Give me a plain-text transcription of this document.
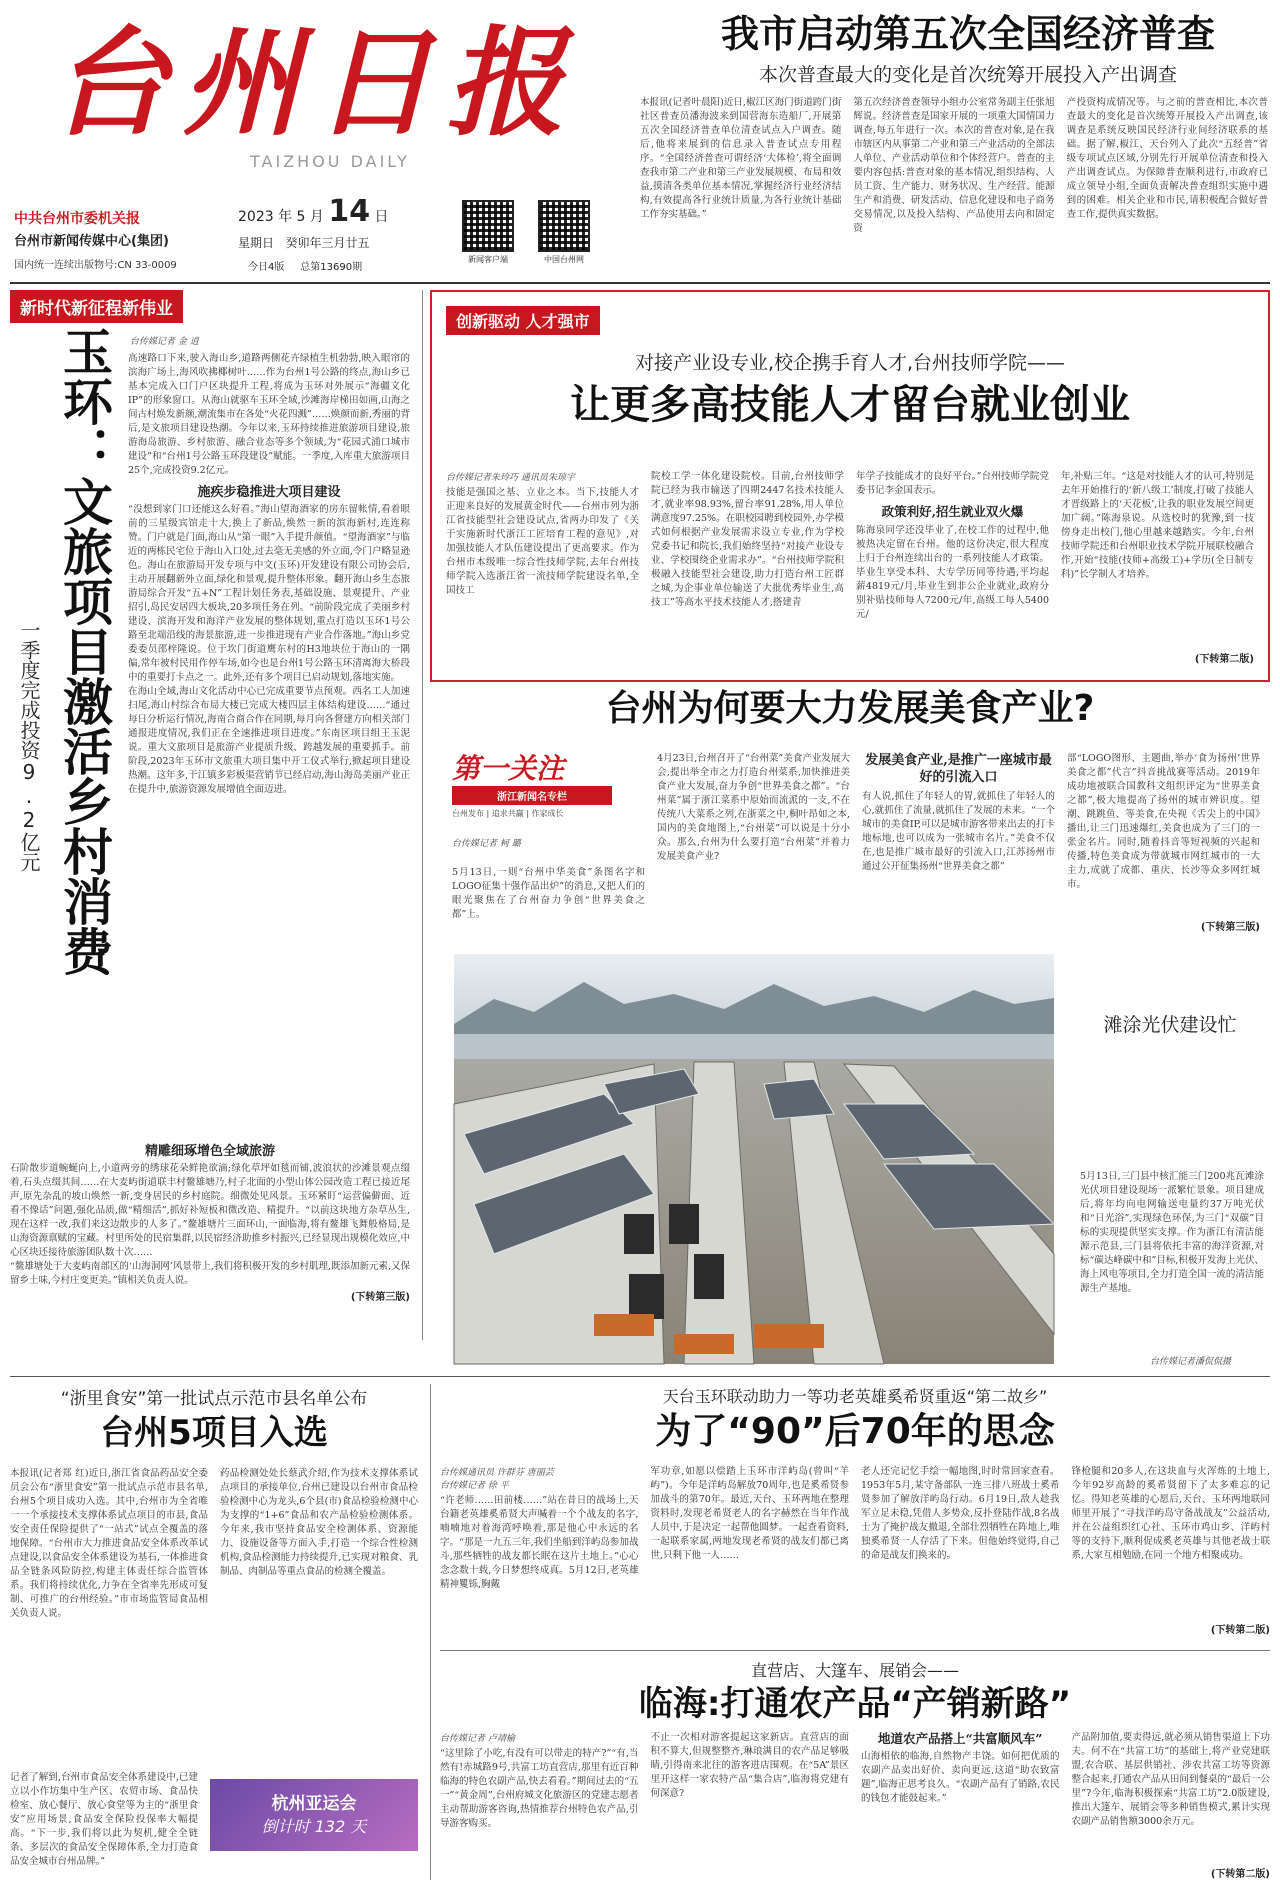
台州日报
TAIZHOU DAILY
中共台州市委机关报
台州市新闻传媒中心(集团)
国内统一连续出版物号:CN 33-0009
2023 年 5 月 14 日
星期日 癸卯年三月廿五
今日4版 总第13690期
新闻客户端	中国台州网
我市启动第五次全国经济普查
本次普查最大的变化是首次统筹开展投入产出调查
本报讯(记者叶晨阳)近日,椒江区海门街道跨门街社区普查员潘海波来到国营海东造船厂,开展第五次全国经济普查单位清查试点入户调查。随后,他将来展到的信息录入普查试点专用程序。“全国经济普查可谓经济‘大体检’,将全面调查我市第二产业和第三产业发展规模、布局和效益,摸清各类单位基本情况,掌握经济行业经济结构,有效提高各行业统计质量,为各行业统计基础工作夯实基础。”
第五次经济普查领导小组办公室常务副主任张旭辉说。经济普查是国家开展的一项重大国情国力调查,每五年进行一次。本次的普查对象,是在我市辖区内从事第二产业和第三产业活动的全部法人单位、产业活动单位和个体经营户。普查的主要内容包括:普查对象的基本情况,组织结构、人员工资、生产能力、财务状况、生产经营、能源生产和消费、研发活动、信息化建设和电子商务交易情况,以及投入结构、产品使用去向和固定资
产投资构成情况等。与之前的普查相比,本次普查最大的变化是首次统筹开展投入产出调查,该调查是系统反映国民经济行业间经济联系的基础。据了解,椒江、天台列入了此次“五经普”省级专项试点区域,分别先行开展单位清查和投入产出调查试点。为保障普查顺利进行,市政府已成立领导小组,全面负责解决普查组织实施中遇到的困难。相关企业和市民,请积极配合做好普查工作,提供真实数据。
新时代新征程新伟业
台传媒记者 金 逍
玉环：文旅项目激活乡村消费
一季度完成投资9.2亿元
高速路口下来,驶入海山乡,道路两侧花卉绿植生机勃勃,映入眼帘的滨海广场上,海风吹拂椰树叶……作为台州1号公路的终点,海山乡已基本完成入口门户区块提升工程,将成为玉环对外展示“海疆文化IP”的形象窗口。从海山就驱车玉环全域,沙滩海岸梯田如画,山海之间古村焕发新颜,潮流集市在各处“火花四溅”……焕颜而新,秀丽的背后,是文旅项目建设热潮。今年以来,玉环持续推进旅游项目建设,旅游海岛旅游、乡村旅游、融合业态等多个领域,为“花园式浦口城市建设”和“台州1号公路玉环段建设”赋能。一季度,入库重大旅游项目25个,完成投资9.2亿元。
施疾步稳推进大项目建设
“没想到家门口还能这么好看。”海山望海酒家的房东留帐情,看着眼前的三星级宾馆走十大,换上了新品,焕然一新的滨海新村,连连称赞。门户就是门面,海山从“第一眼”入手提升颜值。“望海酒家”与临近的两栋民宅位于海山入口处,过去毫无美感的外立面,令门户略显逊色。海山在旅游局开发专项与中文(玉环)开发建设有限公司协会后,主动开展翻新外立面,绿化和景观,提升整体形象。翻开海山乡生态旅游局综合开发“五+N”工程计划任务表,基础设施、景观提升、产业招引,岛民安居四大板块,20多项任务在列。“前阶段完成了美丽乡村建设、滨海开发和海洋产业发展的整体规划,重点打造以玉环1号公路至北端沿线的海景旅游,进一步推进现有产业合作落地。”海山乡党委委员邵梓隆说。位于坎门街道鹰东村的H3地块位于海山的一隅偏,常年被村民用作停车场,如今也是台州1号公路玉环清离海大桥段中的重要打卡点之一。此外,还有多个项目已启动规划,落地实施。
在海山全域,海山文化活动中心已完成重要节点预观。西名工人加速扫尾,海山村综合布局大楼已完成大楼四层主体结构建设……“通过每日分析运行情况,海南合商合作在同期,每月向各督建方向相关部门通报进度情况,我们正在全速推进项目进度。”东南区项目组王玉泥说。重大文旅项目是旅游产业提质升级、跨越发展的重要抓手。前阶段,2023年玉环市文旅重大项目集中开工仪式举行,掀起项目建设热潮。这年多,干江镇多彩板渠营销节已经启动,海山海岛美丽产业正在提升中,旅游资源发展增值全面迈进。
精雕细琢增色全域旅游
石阶散步道蜿蜒向上,小道两旁的绣球花朵鲜艳欲滴;绿化草坪如毯而铺,波浪状的沙滩景观点缀着,石头点缀其间……在大麦屿街道联丰村鳌雄塘乃,村子北面的小型山体公园改造工程已接近尾声,原先杂乱的坡山焕然一新,变身居民的乡村庭院。细微处见风景。玉环紧盯“运营偏僻面、近看不像话”问题,强化品质,做“精细活”,抓好补短板和微改造、精提升。“以前这块地方杂草丛生,现在这样一改,我们来这边散步的人多了。”鳌雄塘片三面环山,一面临海,将有鳌雄飞舞般格局,是山海资源禀赋的宝藏。村里所处的民宿集群,以民宿经济助推乡村振兴,已经显现出规模化效应,中心区块还接待旅游团队数十次……
“鳌雄塘处于大麦屿南部区的‘山海洞网’风景带上,我们将积极开发的乡村肌理,既添加新元素,又保留乡土味,今村庄变更美。”镇相关负责人说。
(下转第三版)
创新驱动 人才强市
对接产业设专业,校企携手育人才,台州技师学院——
让更多高技能人才留台就业创业
台传媒记者朱玲巧 通讯员朱琼宇
技能是强国之基、立业之本。当下,技能人才正迎来良好的发展黄金时代——台州市列为浙江省技能型社会建设试点,省两办印发了《关于实施新时代浙江工匠培育工程的意见》,对加强技能人才队伍建设提出了更高要求。作为台州市本级唯一综合性技师学院,去年台州技师学院入选浙江省一流技师学院建设名单,全国技工
院校工学一体化建设院校。目前,台州技师学院已经为我市输送了四期2447名技术技能人才,就业率98.93%,留台率91.28%,用人单位满意度97.25%。在职校园聘到校园外,办学模式如何根据产业发展需求设立专业,作为学校党委书记和院长,我们始终坚持“对接产业设专业、学校围绕企业需求办”。“台州技师学院积极融入技能型社会建设,助力打造台州工匠群之城,为企事业单位输送了大批优秀毕业生,高技工”等高水平技术技能人才,搭建青
年学子技能成才的良好平台。”台州技师学院党委书记李金国表示。
政策利好,招生就业双火爆
陈海泉同学还没毕业了,在校工作的过程中,他被热决定留在台州。他的这份决定,很大程度上归于台州连续出台的一系列技能人才政策。毕业生享受本科、大专学历同等待遇,平均起薪4819元/月,毕业生到非公企业就业,政府分别补贴技师每人7200元/年,高级工每人5400元/
年,补贴三年。“这是对技能人才的认可,特别是去年开始推行的‘新八级工’制度,打破了技能人才晋级路上的‘天花板’,让我的职业发展空间更加广阔。”陈海泉说。从选校时的犹豫,到一技傍身走出校门,他心里越来越踏实。今年,台州技师学院还和台州职业技术学院开展联校融合作,开始“技能(技师+高级工)+学历(全日制专科)”长学制人才培养。
(下转第二版)
台州为何要大力发展美食产业?
第一关注
浙江新闻名专栏
台州发布 | 追求共赢 | 作家成长
台传媒记者 柯 璐
5月13日,一则“台州中华美食”条图名字和LOGO征集十强作品出炉”的消息,又把人们的眼光聚焦在了台州奋力争创“世界美食之都”上。
4月23日,台州召开了“台州菜”美食产业发展大会,提出举全市之力打造台州菜系,加快推进美食产业大发展,奋力争创“世界美食之都”。“台州菜”属于浙江菜系中原始而流派的一支,不在传统八大菜系之列,在浙菜之中,桐叶昂如之本,国内的美食地图上,“台州菜”可以说是十分小众。那么,台州为什么要打造“台州菜”并着力发展美食产业?
发展美食产业,是推广一座城市最好的引流入口
有人说,抓住了年轻人的胃,就抓住了年轻人的心,就抓住了流量,就抓住了发展的未来。“一个城市的美食IP,可以是城市游客带来出去的打卡地标地,也可以成为一张城市名片。”美食不仅在,也是推广城市最好的引流入口,江苏扬州市通过公开征集扬州“世界美食之都”
部“LOGO图形、主题曲,举办‘食为扬州’世界美食之都”代言”抖音挑战赛等活动。2019年成功地被联合国教科文组织评定为“世界美食之都”,极大地提高了扬州的城市辨识度。望潮、跳跳鱼、等美食,在央视《舌尖上的中国》播出,让三门迅速爆红,美食也成为了三门的一张金名片。同时,随着抖音等短视频的兴起和传播,特色美食成为带就城市网红城市的一大主力,成就了成都、重庆、长沙等众多网红城市。
(下转第三版)
滩涂光伏建设忙
5月13日,三门县中核汇能三门200兆瓦滩涂光伏项目建设现场一派繁忙景象。项目建成后,将年均向电网输送电量约37万吨光伏和“日光浴”,实现绿色环保,为三门“双碳”目标的实现提供坚实支撑。作为浙江有清洁能源示范县,三门县将依托丰富的海洋资源,对标“碳达峰碳中和”目标,积极开发海上光伏、海上风电等项目,全力打造全国一流的清洁能源生产基地。
台传媒记者潘侃侃摄
“浙里食安”第一批试点示范市县名单公布
台州5项目入选
本报讯(记者郑 红)近日,浙江省食品药品安全委员会公布“浙里食安”第一批试点示范市县名单,台州5个项目成功入选。其中,台州市为全省唯一一个承接技术支撑体系试点项目的市县,食品安全责任保险提供了“一站式”试点全覆盖的落地保障。“台州市大力推进食品安全体系改革试点建设,以食品安全体系建设为基石,一体推进食品全链条风险防控,构建主体责任综合监管体系。我们将持续优化,力争在全省率先形成可复制、可推广的台州经验。”市市场监管局食品相关负责人说。
药品检测处处长蔡武介绍,作为技术支撑体系试点项目的承接单位,台州已建设以台州市食品检验检测中心为龙头,6个县(市)食品检验检测中心为支撑的“1+6”食品和农产品检验检测体系。今年来,我市坚持食品安全检测体系、资源能力、设施设备等方面入手,打造一个综合性检测机构,食品检测能力持续提升,已实现对粮食、乳制品、肉制品等重点食品的检测全覆盖。
记者了解到,台州市食品安全体系建设中,已建立以小作坊集中生产区、农贸市场、食品快检室、放心餐厅、放心食堂等为主的“浙里食安”应用场景,食品安全保险投保率大幅提高。“下一步,我们将以此为契机,健全全链条、多层次的食品安全保障体系,全力打造食品安全城市台州品牌。”
杭州亚运会
倒计时 132 天
天台玉环联动助力一等功老英雄奚希贤重返“第二故乡”
为了“90”后70年的思念
台传媒通讯员 许群芬 唐丽芸
台传媒记者 徐 平
“许老师……田前楼……”站在昔日的战场上,天台籍老英雄奚希贤大声喊着一个个战友的名字,喃喃地对着海湾呼唤着,那是他心中永远的名字。“那是一九五三年,我们坐船到洋屿岛参加战斗,那些牺牲的战友都长眠在这片土地上。”心心念念数十载,今日梦想终成真。5月12日,老英雄精神矍铄,胸戴
军功章,如愿以偿踏上玉环市洋屿岛(曾叫“羊屿”)。今年是洋屿岛解放70周年,也是奚希贤参加战斗的第70年。最近,天台、玉环两地在整理资料时,发现老希贤老人的名字赫然在当年作战人员中,于是决定一起帮他圆梦。一起查看资料,一起联系家属,两地发现老希贤的战友们都已离世,只剩下他一人……
老人还完记忆手绘一幅地图,时时常回家查看。1953年5月,某守备部队一连三排八班战士奚希贤参加了解放洋屿岛行动。6月19日,敌人趁我军立足未稳,凭借人多势众,反扑登陆作战,8名战士为了掩护战友撤退,全部壮烈牺牲在阵地上,唯独奚希贤一人存活了下来。但他始终觉得,自己的命是战友们换来的。
锋枪腿和20多人,在这块血与火浑炼的土地上,今年92岁高龄的奚希贤留下了太多难忘的记忆。得知老英雄的心愿后,天台、玉环两地联同师里开展了“寻找洋屿岛守备战战友”公益活动,并在公益组织红心社、玉环市鸡山乡、洋屿村等的支持下,顺利促成奚老英雄与其他老战士联系,大家互相勉励,在同一个地方相聚成功。
(下转第二版)
直营店、大篷车、展销会——
临海:打通农产品“产销新路”
台传媒记者 卢靖榆
“这里除了小吃,有没有可以带走的特产?”“有,当然有!赤城路9号,共富工坊直营店,那里有近百种临海的特色农副产品,快去看看。”期间过去的“五一”“黄金周”,台州府城文化旅游区的党建志愿者主动帮助游客咨询,热情推荐台州特色农产品,引导游客购买。
不止一次相对游客提起这家新店。直营店的面积不算大,但规整整齐,琳琅满目的农产品足够吸睛,引得南来北往的游客进店围观。在“5A”景区里开这样一家农特产品“集合店”,临海将党建有何深意?
地道农产品搭上“共富顺风车”
山海相依的临海,自然物产丰饶。如何把优质的农副产品卖出好价、卖向更远,这道“助农致富题”,临海正思考良久。“农副产品有了销路,农民的钱包才能鼓起来。”
产品附加值,要卖得远,就必须从销售渠道上下功夫。何不在“共富工坊”的基础上,将产业党建联盟,农合联、基层供销社、涉农共富工坊等资源整合起来,打通农产品从田间到餐桌的“最后一公里”?今年,临海积极探索“共富工坊”2.0版建设,推出大篷车、展销会等多种销售模式,累计实现农副产品销售额3000余万元。
(下转第二版)
